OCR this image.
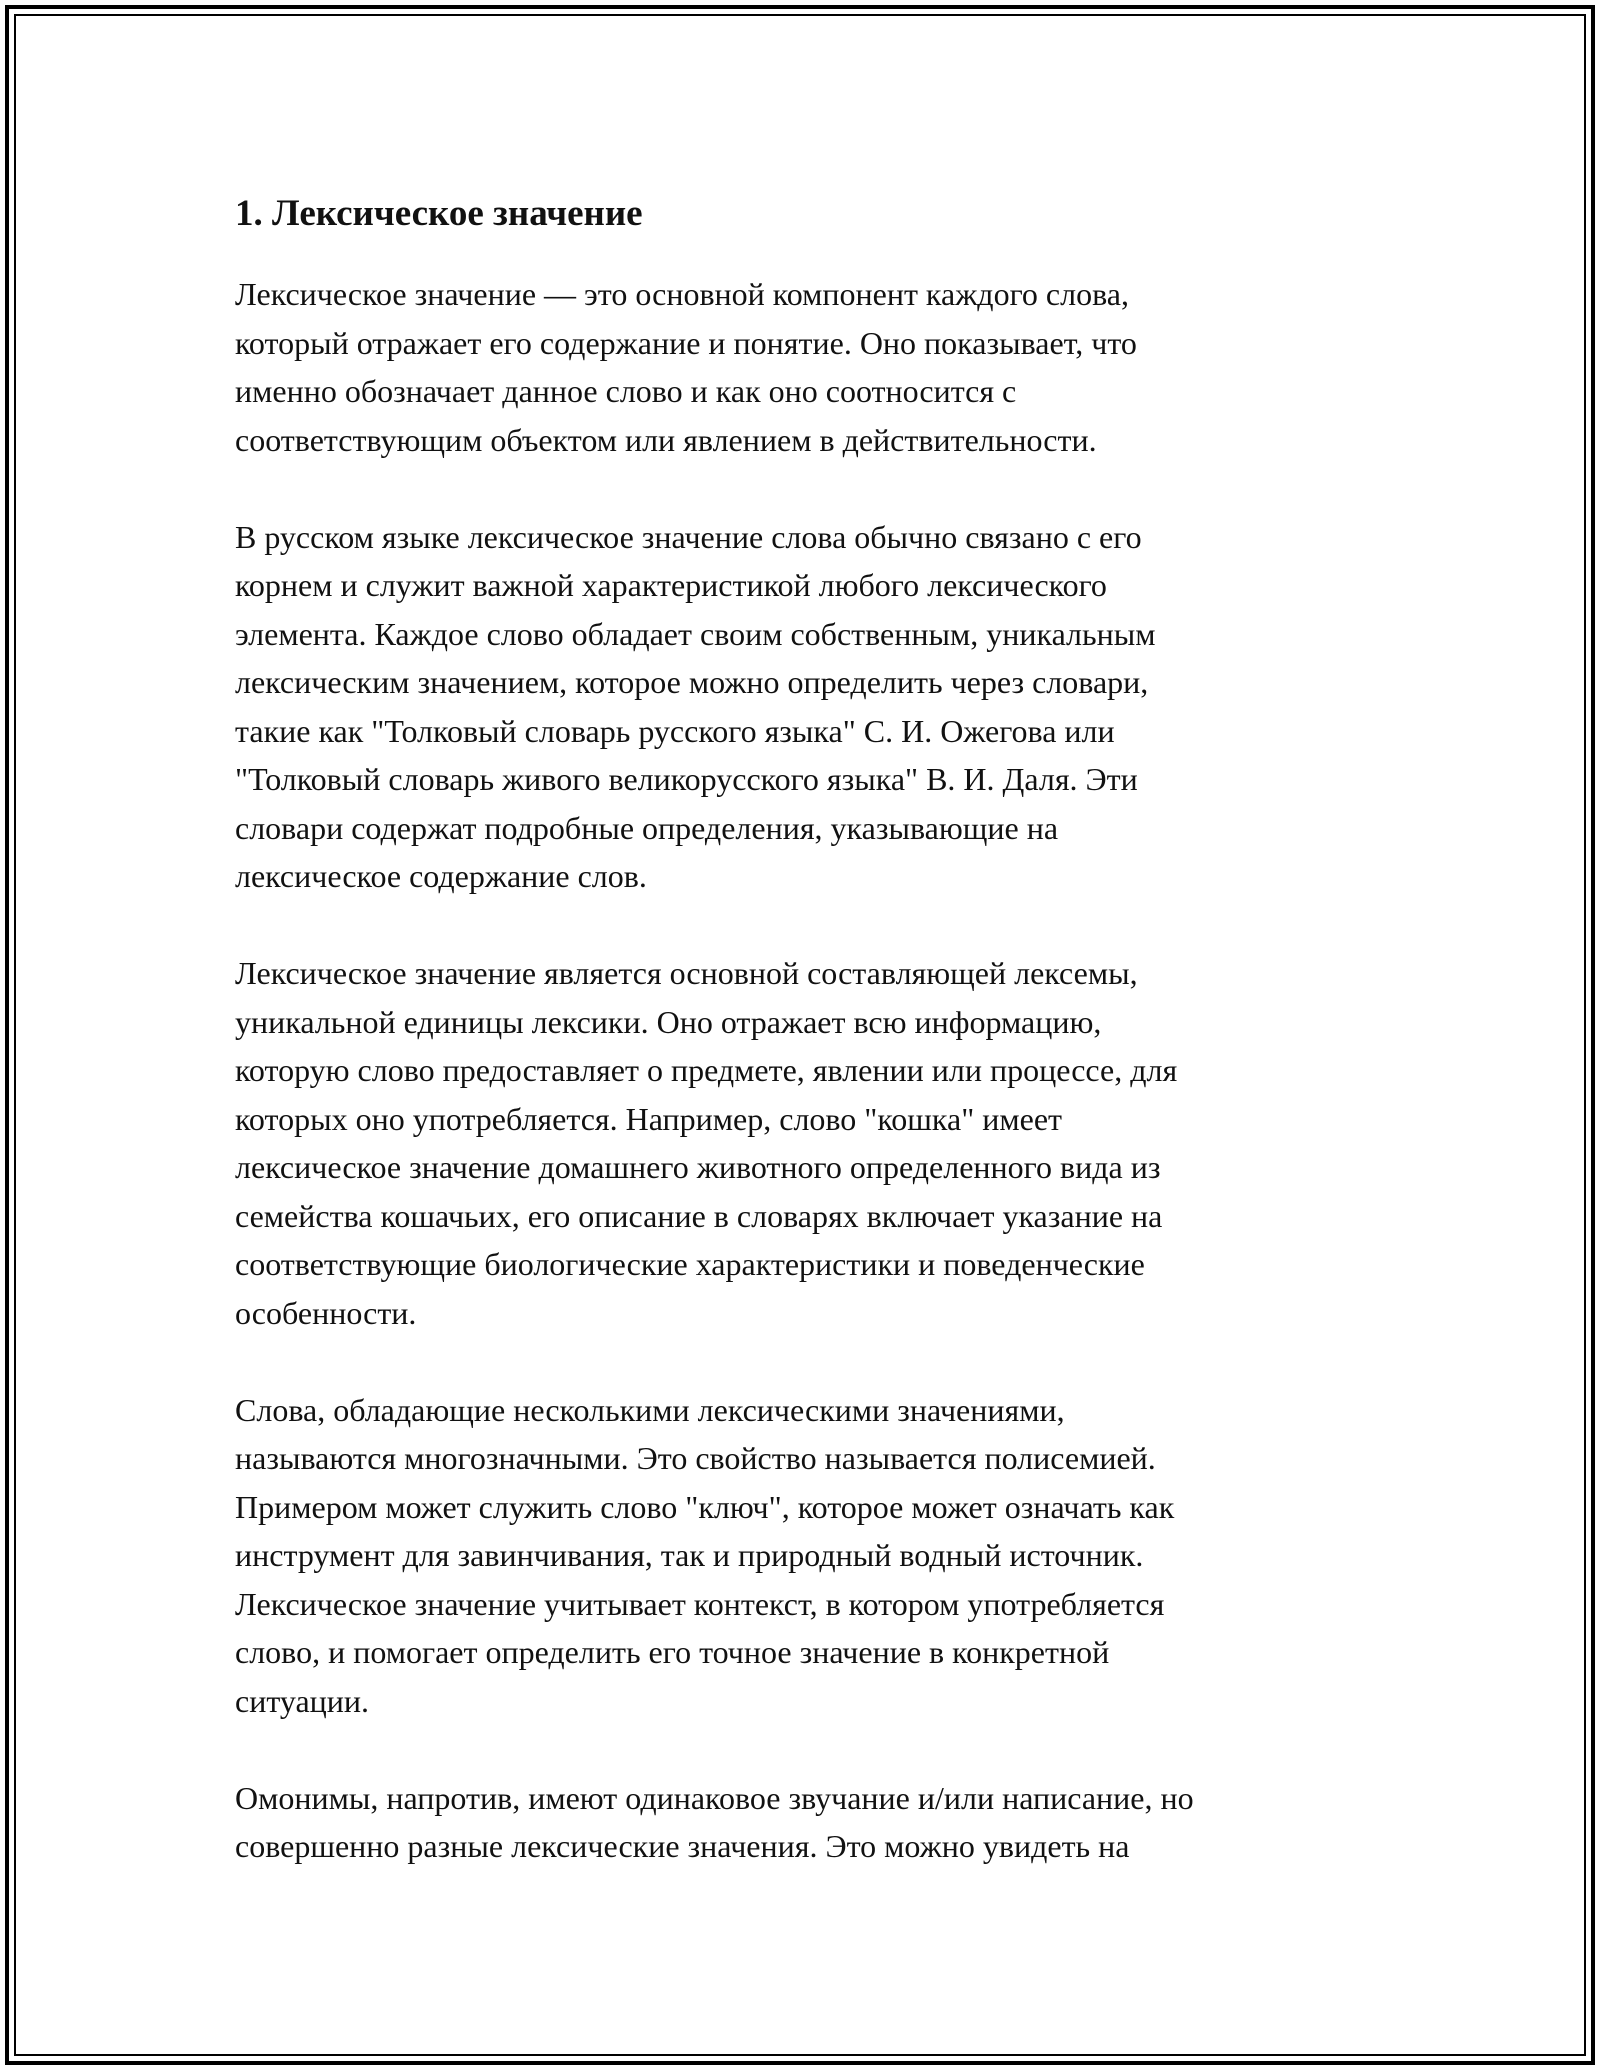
1. Лексическое значение

Лексическое значение — это основной компонент каждого слова,
который отражает его содержание и понятие. Оно показывает, что
именно обозначает данное слово и как оно соотносится с
соответствующим объектом или явлением в действительности.

В русском языке лексическое значение слова обычно связано с его
корнем и служит важной характеристикой любого лексического
элемента. Каждое слово обладает своим собственным, уникальным
лексическим значением, которое можно определить через словари,
такие как "Толковый словарь русского языка" С. И. Ожегова или
"Толковый словарь живого великорусского языка" В. И. Даля. Эти
словари содержат подробные определения, указывающие на
лексическое содержание слов.

Лексическое значение является основной составляющей лексемы,
уникальной единицы лексики. Оно отражает всю информацию,
которую слово предоставляет о предмете, явлении или процессе, для
которых оно употребляется. Например, слово "кошка" имеет
лексическое значение домашнего животного определенного вида из
семейства кошачьих, его описание в словарях включает указание на
соответствующие биологические характеристики и поведенческие
особенности.

Слова, обладающие несколькими лексическими значениями,
называются многозначными. Это свойство называется полисемией.
Примером может служить слово "ключ", которое может означать как
инструмент для завинчивания, так и природный водный источник.
Лексическое значение учитывает контекст, в котором употребляется
слово, и помогает определить его точное значение в конкретной
ситуации.

Омонимы, напротив, имеют одинаковое звучание и/или написание, но
совершенно разные лексические значения. Это можно увидеть на
